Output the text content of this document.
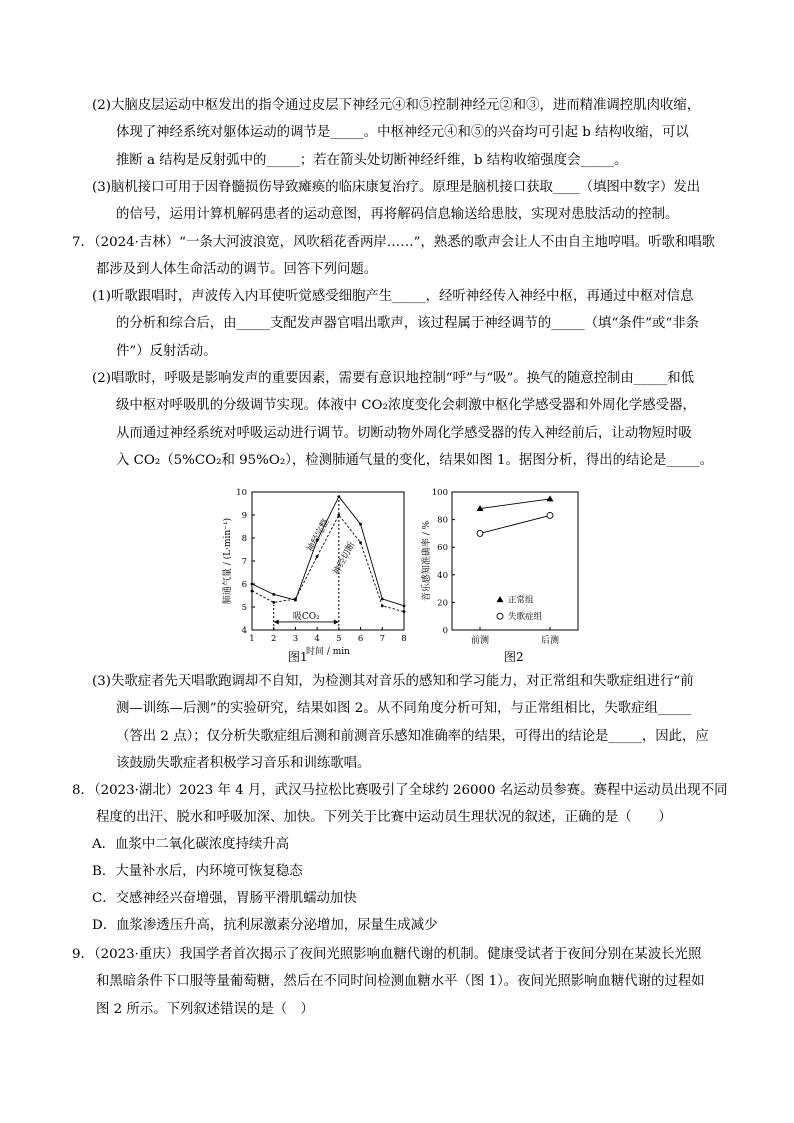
(2)大脑皮层运动中枢发出的指令通过皮层下神经元④和⑤控制神经元②和③，进而精准调控肌肉收缩，
体现了神经系统对躯体运动的调节是_____。中枢神经元④和⑤的兴奋均可引起 b 结构收缩，可以
推断 a 结构是反射弧中的_____；若在箭头处切断神经纤维，b 结构收缩强度会_____。
(3)脑机接口可用于因脊髓损伤导致瘫痪的临床康复治疗。原理是脑机接口获取____（填图中数字）发出
的信号，运用计算机解码患者的运动意图，再将解码信息输送给患肢，实现对患肢活动的控制。
7．（2024·吉林）“一条大河波浪宽，风吹稻花香两岸……”，熟悉的歌声会让人不由自主地哼唱。听歌和唱歌
都涉及到人体生命活动的调节。回答下列问题。
(1)听歌跟唱时，声波传入内耳使听觉感受细胞产生_____，经听神经传入神经中枢，再通过中枢对信息
的分析和综合后，由_____支配发声器官唱出歌声，该过程属于神经调节的_____（填“条件”或“非条
件”）反射活动。
(2)唱歌时，呼吸是影响发声的重要因素，需要有意识地控制“呼”与“吸”。换气的随意控制由_____和低
级中枢对呼吸肌的分级调节实现。体液中 CO₂浓度变化会刺激中枢化学感受器和外周化学感受器，
从而通过神经系统对呼吸运动进行调节。切断动物外周化学感受器的传入神经前后，让动物短时吸
入 CO₂（5%CO₂和 95%O₂），检测肺通气量的变化，结果如图 1。据图分析，得出的结论是_____。
4
5
6
7
8
9
10
1 2 3 4 5 6 7 8
时间 / min
肺通气量 / (L·min⁻¹)
吸CO₂
神经完整
神经切断
图1
0
20
40
60
80
100
前测	后测
音乐感知准确率 / %	正常组
失歌症组
图2
(3)失歌症者先天唱歌跑调却不自知，为检测其对音乐的感知和学习能力，对正常组和失歌症组进行“前
测—训练—后测”的实验研究，结果如图 2。从不同角度分析可知，与正常组相比，失歌症组_____
（答出 2 点）；仅分析失歌症组后测和前测音乐感知准确率的结果，可得出的结论是_____，因此，应
该鼓励失歌症者积极学习音乐和训练歌唱。
8．（2023·湖北）2023 年 4 月，武汉马拉松比赛吸引了全球约 26000 名运动员参赛。赛程中运动员出现不同
程度的出汗、脱水和呼吸加深、加快。下列关于比赛中运动员生理状况的叙述，正确的是（　　）
A．血浆中二氧化碳浓度持续升高
B．大量补水后，内环境可恢复稳态
C．交感神经兴奋增强，胃肠平滑肌蠕动加快
D．血浆渗透压升高，抗利尿激素分泌增加，尿量生成减少
9．（2023·重庆）我国学者首次揭示了夜间光照影响血糖代谢的机制。健康受试者于夜间分别在某波长光照
和黑暗条件下口服等量葡萄糖，然后在不同时间检测血糖水平（图 1）。夜间光照影响血糖代谢的过程如
图 2 所示。下列叙述错误的是（　）
